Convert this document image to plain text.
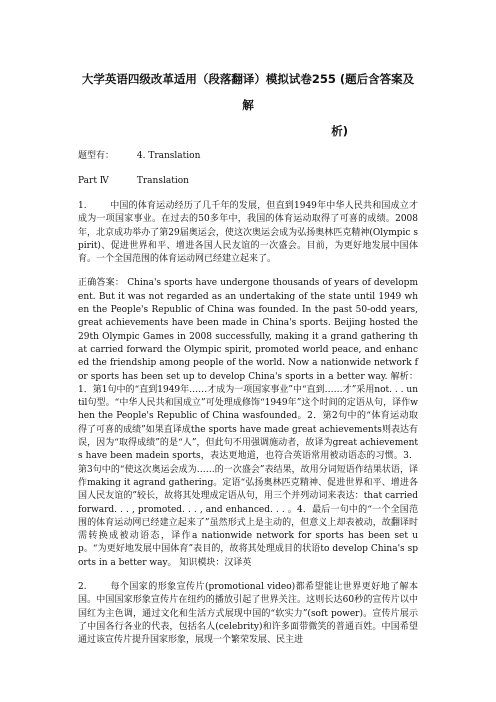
大学英语四级改革适用（段落翻译）模拟试卷255 (题后含答案及解
析)

题型有：	4. Translation

Part Ⅳ	Translation

1.	中国的体育运动经历了几千年的发展，但直到1949年中华人民共和国成立才成为一项国家事业。在过去的50多年中，我国的体育运动取得了可喜的成绩。2008年，北京成功举办了第29届奥运会，使这次奥运会成为弘扬奥林匹克精神(Olympic spirit)、促进世界和平、增进各国人民友谊的一次盛会。目前，为更好地发展中国体育。一个全国范围的体育运动网已经建立起来了。

正确答案： China's sports have undergone thousands of years of development. But it was not regarded as an undertaking of the state until 1949 when the People's Republic of China was founded. In the past 50-odd years, great achievements have been made in China's sports. Beijing hosted the 29th Olympic Games in 2008 successfully, making it a grand gathering that carried forward the Olympic spirit, promoted world peace, and enhanced the friendship among people of the world. Now a nationwide network for sports has been set up to develop China's sports in a better way. 解析：1．第1句中的“直到1949年……才成为一项国家事业”中“直到……才”采用not. . . until句型。“中华人民共和国成立”可处理成修饰“1949年”这个时间的定语从句，译作when the People's Republic of China wasfounded。2．第2句中的“体育运动取得了可喜的成绩”如果直译成the sports have made great achievements则表达有误，因为“取得成绩”的是“人”，但此句不用强调施动者，故译为great achievements have been madein sports，表达更地道，也符合英语常用被动语态的习惯。3．第3句中的“使这次奥运会成为……的一次盛会”表结果，故用分词短语作结果状语，译作making it agrand gathering。定语“弘扬奥林匹克精神、促进世界和平、增进各国人民友谊的”较长，故将其处理成定语从句，用三个并列动词来表达：that carried forward. . . , promoted. . . , and enhanced. . . 。4．最后一句中的“一个全国范围的体育运动网已经建立起来了”虽然形式上是主动的，但意义上却表被动，故翻译时需转换成被动语态，译作a nationwide network for sports has been set up。“为更好地发展中国体育”表目的，故将其处理成目的状语to develop China's sports in a better way。 知识模块：汉译英

2.	每个国家的形象宣传片(promotional video)都希望能让世界更好地了解本国。中国国家形象宣传片在纽约的播放引起了世界关注。这则长达60秒的宣传片以中国红为主色调，通过文化和生活方式展现中国的“软实力”(soft power)。宣传片展示了中国各行各业的代表，包括名人(celebrity)和许多面带微笑的普通百姓。中国希望通过该宣传片提升国家形象，展现一个繁荣发展、民主进
